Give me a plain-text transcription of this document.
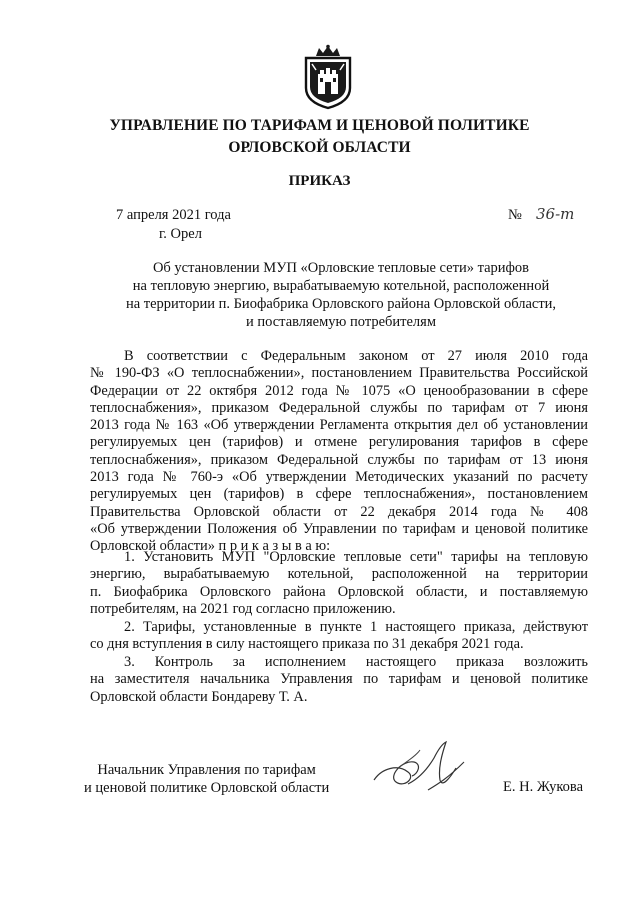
УПРАВЛЕНИЕ ПО ТАРИФАМ И ЦЕНОВОЙ ПОЛИТИКЕ
ОРЛОВСКОЙ ОБЛАСТИ
ПРИКАЗ
7 апреля 2021 года
г. Орел
№ 36-т
Об установлении МУП «Орловские тепловые сети» тарифов
на тепловую энергию, вырабатываемую котельной, расположенной
на территории п. Биофабрика Орловского района Орловской области,
и поставляемую потребителям
В соответствии с Федеральным законом от 27 июля 2010 года
№ 190-ФЗ «О теплоснабжении», постановлением Правительства Российской
Федерации от 22 октября 2012 года № 1075 «О ценообразовании в сфере
теплоснабжения», приказом Федеральной службы по тарифам от 7 июня
2013 года № 163 «Об утверждении Регламента открытия дел об установлении
регулируемых цен (тарифов) и отмене регулирования тарифов в сфере
теплоснабжения», приказом Федеральной службы по тарифам от 13 июня
2013 года № 760-э «Об утверждении Методических указаний по расчету
регулируемых цен (тарифов) в сфере теплоснабжения», постановлением
Правительства Орловской области от 22 декабря 2014 года № 408
«Об утверждении Положения об Управлении по тарифам и ценовой политике
Орловской области» п р и к а з ы в а ю:
1. Установить МУП "Орловские тепловые сети" тарифы на тепловую
энергию, вырабатываемую котельной, расположенной на территории
п. Биофабрика Орловского района Орловской области, и поставляемую
потребителям, на 2021 год согласно приложению.
2. Тарифы, установленные в пункте 1 настоящего приказа, действуют
со дня вступления в силу настоящего приказа по 31 декабря 2021 года.
3. Контроль за исполнением настоящего приказа возложить
на заместителя начальника Управления по тарифам и ценовой политике
Орловской области Бондареву Т. А.
Начальник Управления по тарифам
и ценовой политике Орловской области	Е. Н. Жукова
